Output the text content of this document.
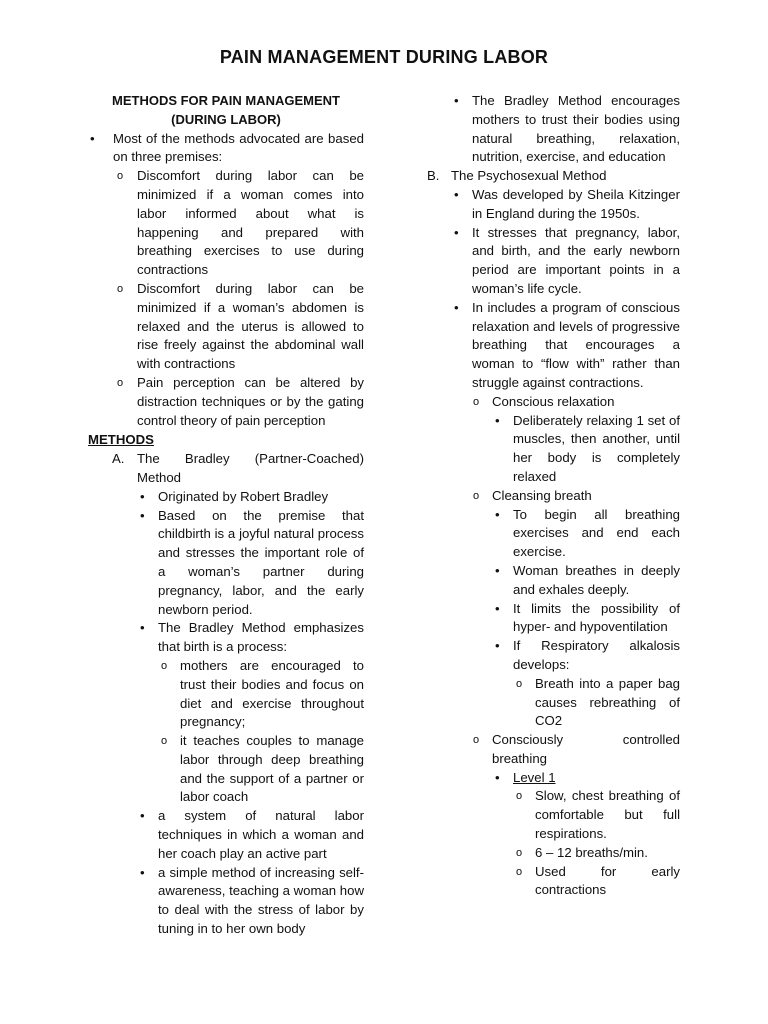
PAIN MANAGEMENT DURING LABOR
METHODS FOR PAIN MANAGEMENT
(DURING LABOR)
• Most of the methods advocated are based on three premises:
o Discomfort during labor can be minimized if a woman comes into labor informed about what is happening and prepared with breathing exercises to use during contractions
o Discomfort during labor can be minimized if a woman’s abdomen is relaxed and the uterus is allowed to rise freely against the abdominal wall with contractions
o Pain perception can be altered by distraction techniques or by the gating control theory of pain perception
METHODS
A. The Bradley (Partner-Coached) Method
• Originated by Robert Bradley
• Based on the premise that childbirth is a joyful natural process and stresses the important role of a woman’s partner during pregnancy, labor, and the early newborn period.
• The Bradley Method emphasizes that birth is a process:
o mothers are encouraged to trust their bodies and focus on diet and exercise throughout pregnancy;
o it teaches couples to manage labor through deep breathing and the support of a partner or labor coach
• a system of natural labor techniques in which a woman and her coach play an active part
• a simple method of increasing self-awareness, teaching a woman how to deal with the stress of labor by tuning in to her own body
• The Bradley Method encourages mothers to trust their bodies using natural breathing, relaxation, nutrition, exercise, and education
B. The Psychosexual Method
• Was developed by Sheila Kitzinger in England during the 1950s.
• It stresses that pregnancy, labor, and birth, and the early newborn period are important points in a woman’s life cycle.
• In includes a program of conscious relaxation and levels of progressive breathing that encourages a woman to “flow with” rather than struggle against contractions.
o Conscious relaxation
• Deliberately relaxing 1 set of muscles, then another, until her body is completely relaxed
o Cleansing breath
• To begin all breathing exercises and end each exercise.
• Woman breathes in deeply and exhales deeply.
• It limits the possibility of hyper- and hypoventilation
• If Respiratory alkalosis develops:
o Breath into a paper bag causes rebreathing of CO2
o Consciously controlled breathing
• Level 1
o Slow, chest breathing of comfortable but full respirations.
o 6 – 12 breaths/min.
o Used for early contractions
